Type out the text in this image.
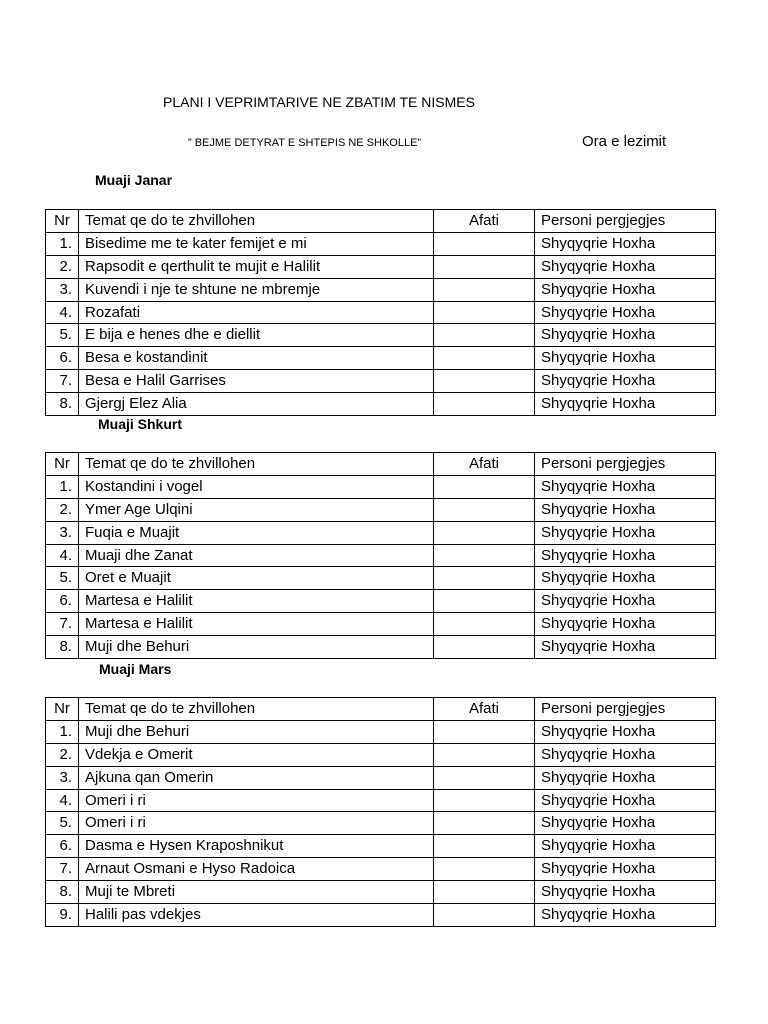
PLANI I VEPRIMTARIVE NE ZBATIM TE NISMES
” BEJME DETYRAT E SHTEPIS NE SHKOLLE”	Ora e lezimit
Muaji Janar
Nr	Temat qe do te zhvillohen	Afati	Personi pergjegjes
1.	Bisedime me te kater femijet e mi		Shyqyqrie Hoxha
2.	Rapsodit e qerthulit te mujit e Halilit		Shyqyqrie Hoxha
3.	Kuvendi i nje te shtune ne mbremje		Shyqyqrie Hoxha
4.	Rozafati		Shyqyqrie Hoxha
5.	E bija e henes dhe e diellit		Shyqyqrie Hoxha
6.	Besa e kostandinit		Shyqyqrie Hoxha
7.	Besa e Halil Garrises		Shyqyqrie Hoxha
8.	Gjergj Elez Alia		Shyqyqrie Hoxha
Muaji Shkurt
Nr	Temat qe do te zhvillohen	Afati	Personi pergjegjes
1.	Kostandini i vogel		Shyqyqrie Hoxha
2.	Ymer Age Ulqini		Shyqyqrie Hoxha
3.	Fuqia e Muajit		Shyqyqrie Hoxha
4.	Muaji dhe Zanat		Shyqyqrie Hoxha
5.	Oret e Muajit		Shyqyqrie Hoxha
6.	Martesa e Halilit		Shyqyqrie Hoxha
7.	Martesa e Halilit		Shyqyqrie Hoxha
8.	Muji dhe Behuri		Shyqyqrie Hoxha
Muaji Mars
Nr	Temat qe do te zhvillohen	Afati	Personi pergjegjes
1.	Muji dhe Behuri		Shyqyqrie Hoxha
2.	Vdekja e Omerit		Shyqyqrie Hoxha
3.	Ajkuna qan Omerin		Shyqyqrie Hoxha
4.	Omeri i ri		Shyqyqrie Hoxha
5.	Omeri i ri		Shyqyqrie Hoxha
6.	Dasma e Hysen Kraposhnikut		Shyqyqrie Hoxha
7.	Arnaut Osmani e Hyso Radoica		Shyqyqrie Hoxha
8.	Muji te Mbreti		Shyqyqrie Hoxha
9.	Halili pas vdekjes		Shyqyqrie Hoxha
